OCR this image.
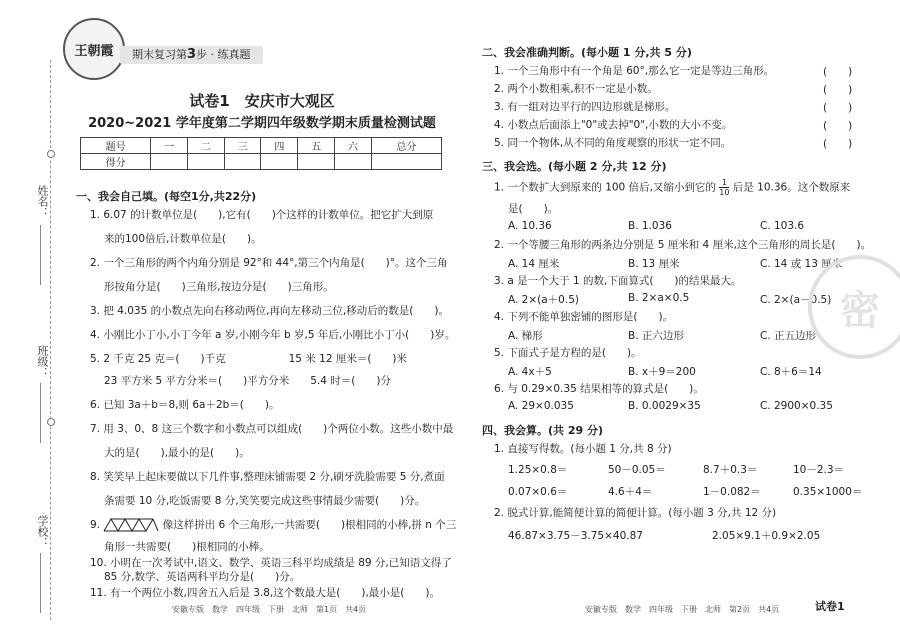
姓名：
班级：
学校：
王朝霞	期末复习第3步 · 练真题
试卷1　安庆市大观区
2020~2021 学年度第二学期四年级数学期末质量检测试题
题号	一	二	三	四	五	六	总分
得分							
一、我会自己填。(每空1分,共22分)
1. 6.07 的计数单位是(　　),它有(　　)个这样的计数单位。把它扩大到原
来的100倍后,计数单位是(　　)。
2. 一个三角形的两个内角分别是 92°和 44°,第三个内角是(　　)°。这个三角
形按角分是(　　)三角形,按边分是(　　)三角形。
3. 把 4.035 的小数点先向右移动两位,再向左移动三位,移动后的数是(　　)。
4. 小刚比小丁小,小丁今年 a 岁,小刚今年 b 岁,5 年后,小刚比小丁小(　　)岁。
5. 2 千克 25 克＝(　　)千克　　　　　　15 米 12 厘米＝(　　)米
23 平方米 5 平方分米＝(　　)平方分米　　5.4 时＝(　　)分
6. 已知 3a＋b＝8,则 6a＋2b＝(　　)。
7. 用 3、0、8 这三个数字和小数点可以组成(　　)个两位小数。这些小数中最
大的是(　　),最小的是(　　)。
8. 笑笑早上起床要做以下几件事,整理床铺需要 2 分,刷牙洗脸需要 5 分,煮面
条需要 10 分,吃饭需要 8 分,笑笑要完成这些事情最少需要(　　)分。
9.	像这样拼出 6 个三角形,一共需要(　　)根相同的小棒,拼 n 个三
角形一共需要(　　)根相同的小棒。
10. 小明在一次考试中,语文、数学、英语三科平均成绩是 89 分,已知语文得了
85 分,数学、英语两科平均分是(　　)分。
安徽专版　数学　四年级　下册　北师　第1页　共4页
二、我会准确判断。(每小题 1 分,共 5 分)
1. 一个三角形中有一个角是 60°,那么它一定是等边三角形。	(　　)
2. 两个小数相乘,积不一定是小数。	(　　)
3. 有一组对边平行的四边形就是梯形。	(　　)
4. 小数点后面添上"0"或去掉"0",小数的大小不变。	(　　)
5. 同一个物体,从不同的角度观察的形状一定不同。	(　　)
三、我会选。(每小题 2 分,共 12 分)
1. 一个数扩大到原来的 100 倍后,又缩小到它的 $\frac{1}{10}$ 后是 10.36。这个数原来
是(　　)。
A. 10.36	B. 1.036	C. 103.6
2. 一个等腰三角形的两条边分别是 5 厘米和 4 厘米,这个三角形的周长是(　　)。
A. 14 厘米	B. 13 厘米	C. 14 或 13 厘米
3. a 是一个大于 1 的数,下面算式(　　)的结果最大。
A. 2×(a＋0.5)	B. 2×a×0.5	C. 2×(a－0.5)
4. 下列不能单独密铺的图形是(　　)。
A. 梯形	B. 正六边形	C. 正五边形
5. 下面式子是方程的是(　　)。
A. 4x＋5	B. x＋9＝200	C. 8＋6＝14
6. 与 0.29×0.35 结果相等的算式是(　　)。
A. 29×0.035	B. 0.0029×35	C. 2900×0.35
四、我会算。(共 29 分)
1. 直接写得数。(每小题 1 分,共 8 分)
1.25×0.8＝	50－0.05＝	8.7＋0.3＝	10－2.3＝
0.07×0.6＝	4.6＋4＝	1－0.082＝	0.35×1000＝
2. 脱式计算,能简便计算的简便计算。(每小题 3 分,共 12 分)
46.87×3.75－3.75×40.87	2.05×9.1＋0.9×2.05
密
安徽专版　数学　四年级　下册　北师　第2页　共4页	试卷1
11. 有一个两位小数,四舍五入后是 3.8,这个数最大是(　　),最小是(　　)。
